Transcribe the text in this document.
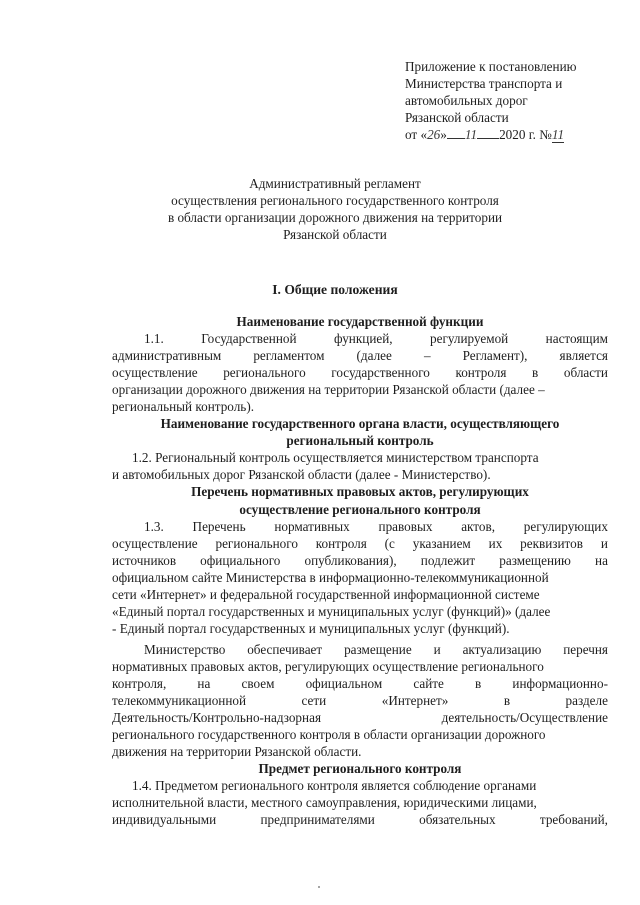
Приложение к постановлению
Министерства транспорта и
автомобильных дорог
Рязанской области
от «26» 11 2020 г. №11
Административный регламент
осуществления регионального государственного контроля
в области организации дорожного движения на территории
Рязанской области
I. Общие положения
Наименование государственной функции
1.1.	Государственной	функцией,	регулируемой	настоящим
административным регламентом (далее – Регламент), является
осуществление регионального государственного контроля в области
организации дорожного движения на территории Рязанской области (далее –
региональный контроль).
Наименование государственного органа власти, осуществляющего
региональный контроль
1.2. Региональный контроль осуществляется министерством транспорта
и автомобильных дорог Рязанской области (далее - Министерство).
Перечень нормативных правовых актов, регулирующих
осуществление регионального контроля
1.3. Перечень нормативных правовых актов, регулирующих
осуществление регионального контроля (с указанием их реквизитов и
источников официального опубликования), подлежит размещению на
официальном сайте Министерства в информационно-телекоммуникационной
сети «Интернет» и федеральной государственной информационной системе
«Единый портал государственных и муниципальных услуг (функций)» (далее
- Единый портал государственных и муниципальных услуг (функций).
Министерство обеспечивает размещение и актуализацию перечня
нормативных правовых актов, регулирующих осуществление регионального
контроля, на своем официальном сайте в информационно-
телекоммуникационной	сети	«Интернет»	в	разделе
Деятельность/Контрольно-надзорная	деятельность/Осуществление
регионального государственного контроля в области организации дорожного
движения на территории Рязанской области.
Предмет регионального контроля
1.4. Предметом регионального контроля является соблюдение органами
исполнительной власти, местного самоуправления, юридическими лицами,
индивидуальными	предпринимателями	обязательных	требований,
